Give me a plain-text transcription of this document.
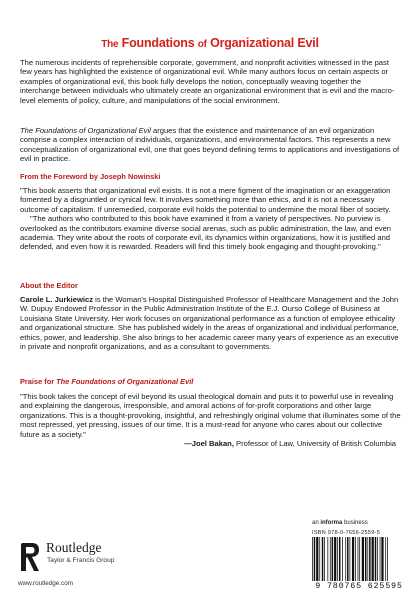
The Foundations of Organizational Evil

The numerous incidents of reprehensible corporate, government, and nonprofit activities witnessed in the past few years has highlighted the existence of organizational evil. While many authors focus on certain aspects or examples of organizational evil, this book fully develops the notion, conceptually weaving together the interchange between individuals who ultimately create an organizational environment that is evil and the macro-level elements of policy, culture, and manipulations of the social environment.

The Foundations of Organizational Evil argues that the existence and maintenance of an evil organization comprise a complex interaction of individuals, organizations, and environmental factors. This represents a new conceptualization of organizational evil, one that goes beyond defining terms to applications and investigations of evil in practice.

From the Foreword by Joseph Nowinski

"This book asserts that organizational evil exists. It is not a mere figment of the imagination or an exaggeration fomented by a disgruntled or cynical few. It involves something more than ethics, and it is not a necessary outcome of capitalism. If unremedied, corporate evil holds the potential to undermine the moral fiber of society.

"The authors who contributed to this book have examined it from a variety of perspectives. No purview is overlooked as the contributors examine diverse social arenas, such as public administration, the law, and even academia. They write about the roots of corporate evil, its dynamics within organizations, how it is justified and defended, and even how it is rewarded. Readers will find this timely book engaging and thought-provoking."

About the Editor

Carole L. Jurkiewicz is the Woman's Hospital Distinguished Professor of Healthcare Management and the John W. Dupuy Endowed Professor in the Public Administration Institute of the E.J. Ourso College of Business at Louisiana State University. Her work focuses on organizational performance as a function of employee ethicality and organizational structure. She has published widely in the areas of organizational and individual performance, ethics, power, and leadership. She also brings to her academic career many years of experience as an executive in private and nonprofit organizations, and as a consultant to governments.

Praise for The Foundations of Organizational Evil

"This book takes the concept of evil beyond its usual theological domain and puts it to powerful use in revealing and explaining the dangerous, irresponsible, and amoral actions of for-profit corporations and other large organizations. This is a thought-provoking, insightful, and refreshingly original volume that illuminates some of the most repressed, yet pressing, issues of our time. It is a must-read for anyone who cares about our collective future as a society."

—Joel Bakan, Professor of Law, University of British Columbia

an informa business
ISBN 978-0-7656-2559-5
9 780765 625595
Routledge
Taylor & Francis Group
www.routledge.com
